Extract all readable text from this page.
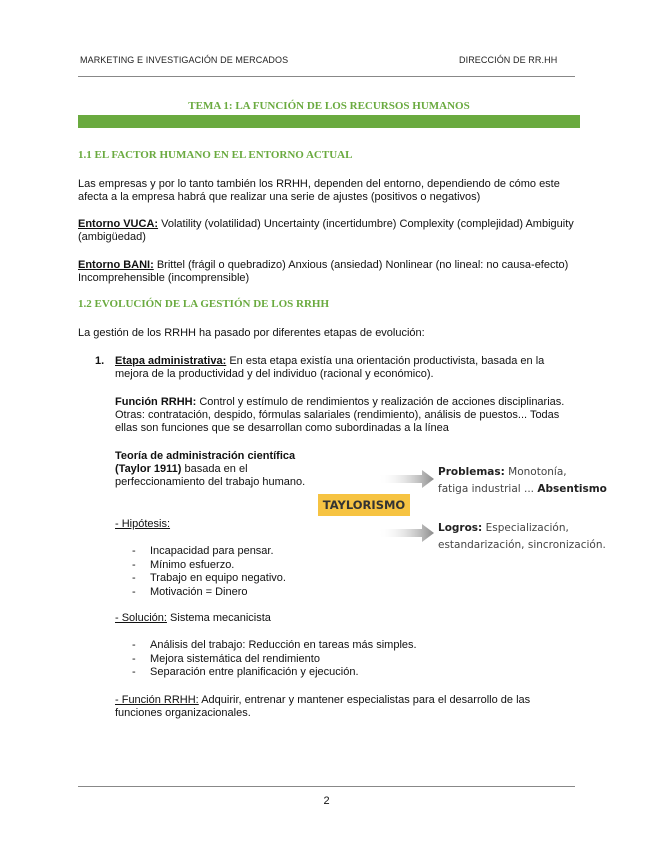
MARKETING E INVESTIGACIÓN DE MERCADOS	DIRECCIÓN DE RR.HH
TEMA 1: LA FUNCIÓN DE LOS RECURSOS HUMANOS
1.1 EL FACTOR HUMANO EN EL ENTORNO ACTUAL

Las empresas y por lo tanto también los RRHH, dependen del entorno, dependiendo de cómo este afecta a la empresa habrá que realizar una serie de ajustes (positivos o negativos)

Entorno VUCA: Volatility (volatilidad) Uncertainty (incertidumbre) Complexity (complejidad) Ambiguity (ambigüedad)

Entorno BANI: Brittel (frágil o quebradizo) Anxious (ansiedad) Nonlinear (no lineal: no causa-efecto) Incomprehensible (incomprensible)

1.2 EVOLUCIÓN DE LA GESTIÓN DE LOS RRHH

La gestión de los RRHH ha pasado por diferentes etapas de evolución:

1. Etapa administrativa: En esta etapa existía una orientación productivista, basada en la mejora de la productividad y del individuo (racional y económico).

Función RRHH: Control y estímulo de rendimientos y realización de acciones disciplinarias. Otras: contratación, despido, fórmulas salariales (rendimiento), análisis de puestos... Todas ellas son funciones que se desarrollan como subordinadas a la línea

Teoría de administración científica (Taylor 1911) basada en el perfeccionamiento del trabajo humano.

TAYLORISMO
Problemas: Monotonía,
fatiga industrial ... Absentismo
Logros: Especialización,
estandarización, sincronización.

- Hipótesis:

- Incapacidad para pensar.
- Mínimo esfuerzo.
- Trabajo en equipo negativo.
- Motivación = Dinero

- Solución: Sistema mecanicista

- Análisis del trabajo: Reducción en tareas más simples.
- Mejora sistemática del rendimiento
- Separación entre planificación y ejecución.

- Función RRHH: Adquirir, entrenar y mantener especialistas para el desarrollo de las funciones organizacionales.

2
